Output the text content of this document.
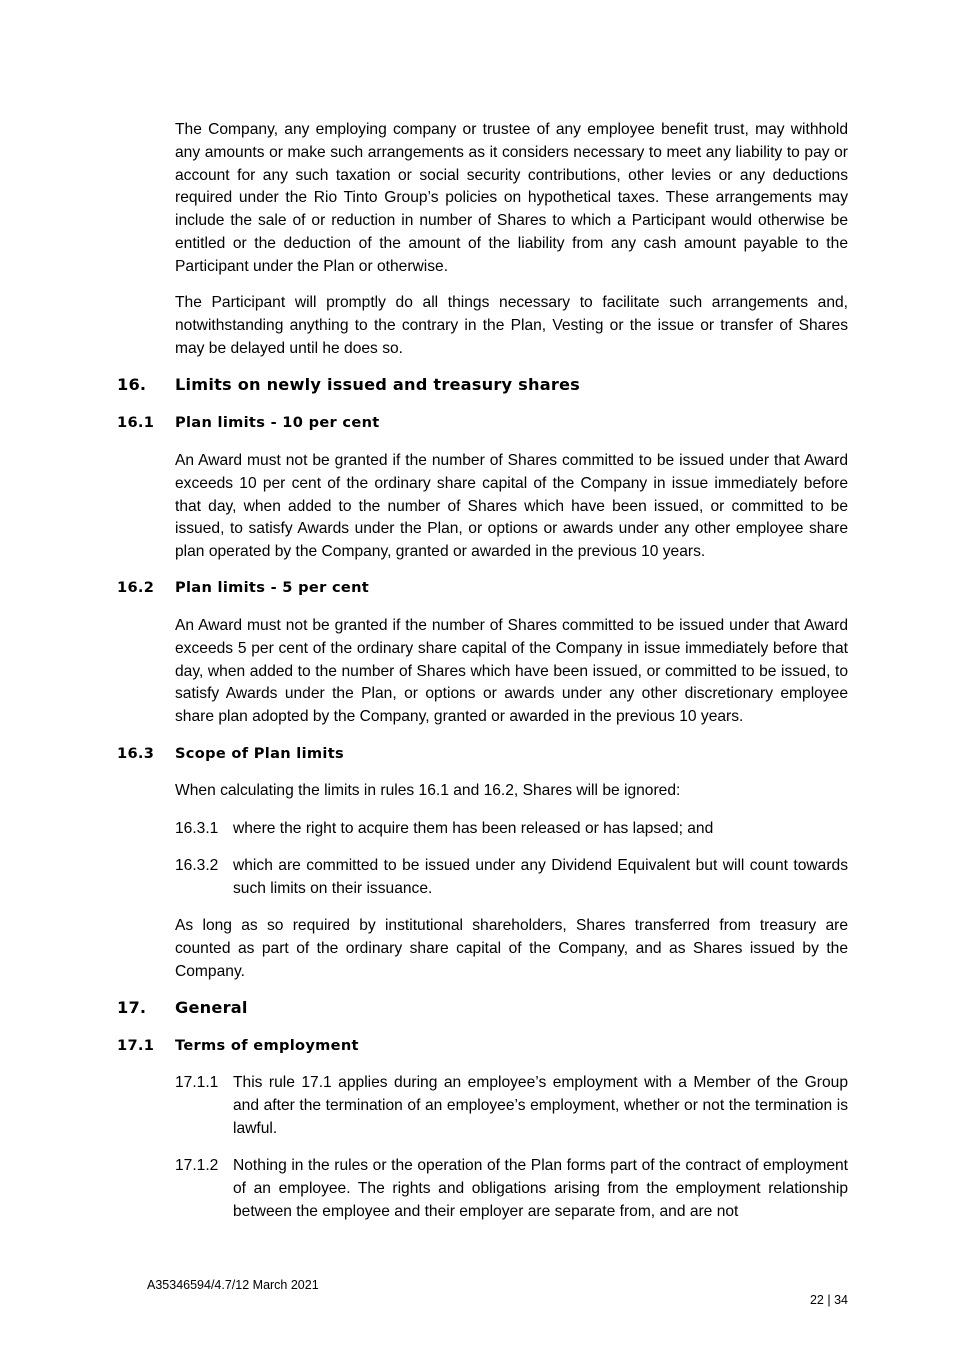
The Company, any employing company or trustee of any employee benefit trust, may withhold any amounts or make such arrangements as it considers necessary to meet any liability to pay or account for any such taxation or social security contributions, other levies or any deductions required under the Rio Tinto Group’s policies on hypothetical taxes. These arrangements may include the sale of or reduction in number of Shares to which a Participant would otherwise be entitled or the deduction of the amount of the liability from any cash amount payable to the Participant under the Plan or otherwise.

The Participant will promptly do all things necessary to facilitate such arrangements and, notwithstanding anything to the contrary in the Plan, Vesting or the issue or transfer of Shares may be delayed until he does so.

16. Limits on newly issued and treasury shares
16.1 Plan limits - 10 per cent

An Award must not be granted if the number of Shares committed to be issued under that Award exceeds 10 per cent of the ordinary share capital of the Company in issue immediately before that day, when added to the number of Shares which have been issued, or committed to be issued, to satisfy Awards under the Plan, or options or awards under any other employee share plan operated by the Company, granted or awarded in the previous 10 years.

16.2 Plan limits - 5 per cent

An Award must not be granted if the number of Shares committed to be issued under that Award exceeds 5 per cent of the ordinary share capital of the Company in issue immediately before that day, when added to the number of Shares which have been issued, or committed to be issued, to satisfy Awards under the Plan, or options or awards under any other discretionary employee share plan adopted by the Company, granted or awarded in the previous 10 years.

16.3 Scope of Plan limits

When calculating the limits in rules 16.1 and 16.2, Shares will be ignored:

16.3.1 where the right to acquire them has been released or has lapsed; and
16.3.2 which are committed to be issued under any Dividend Equivalent but will count towards such limits on their issuance.

As long as so required by institutional shareholders, Shares transferred from treasury are counted as part of the ordinary share capital of the Company, and as Shares issued by the Company.

17. General
17.1 Terms of employment
17.1.1 This rule 17.1 applies during an employee’s employment with a Member of the Group and after the termination of an employee’s employment, whether or not the termination is lawful.
17.1.2 Nothing in the rules or the operation of the Plan forms part of the contract of employment of an employee. The rights and obligations arising from the employment relationship between the employee and their employer are separate from, and are not

A35346594/4.7/12 March 2021

22 | 34
